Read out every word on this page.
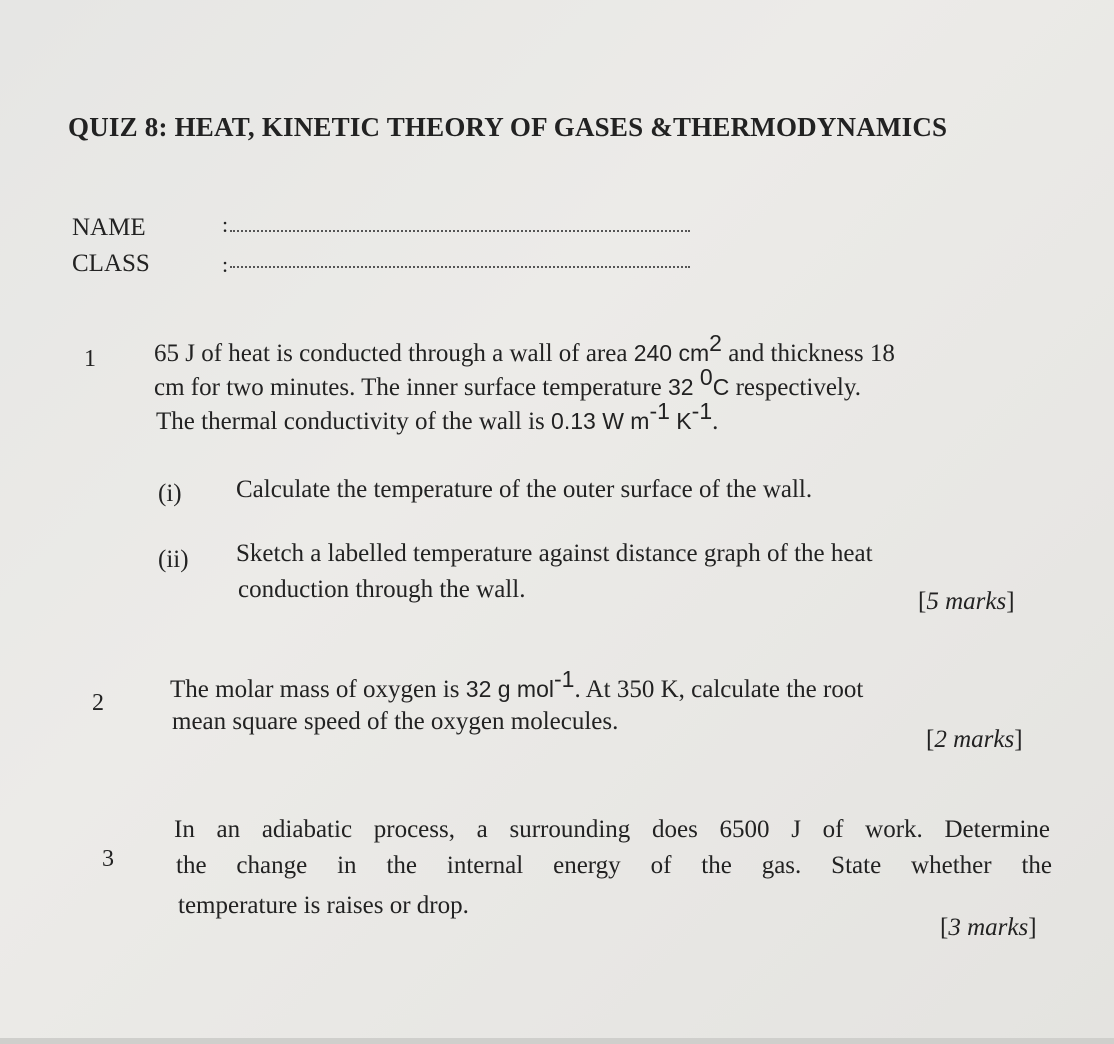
QUIZ 8: HEAT, KINETIC THEORY OF GASES &THERMODYNAMICS
NAME	:
CLASS	:
1 65 J of heat is conducted through a wall of area 240 $cm^2$ and thickness 18
cm for two minutes. The inner surface temperature 32 $^0$C respectively.
The thermal conductivity of the wall is 0.13 W $m^{-1}$ $K^{-1}$.
(i) Calculate the temperature of the outer surface of the wall.
(ii) Sketch a labelled temperature against distance graph of the heat
conduction through the wall.	[5 marks]
2	The molar mass of oxygen is 32 g mol$^{-1}$. At 350 K, calculate the root
mean square speed of the oxygen molecules.
[2 marks]
3
In an adiabatic process, a surrounding does 6500 J of work. Determine
the change in the internal energy of the gas. State whether the
temperature is raises or drop.
[3 marks]
